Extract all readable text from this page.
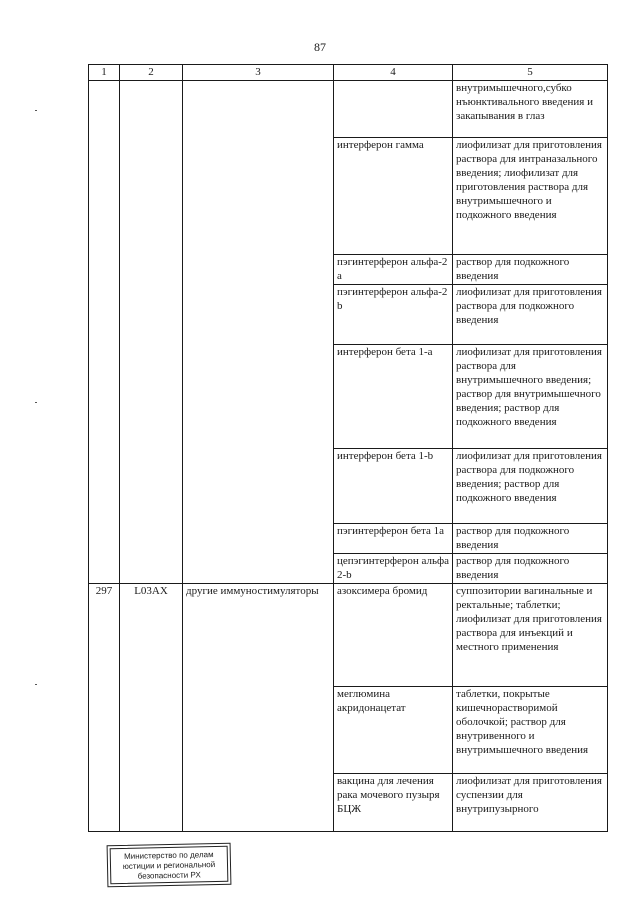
87
1	2	3	4	5
				внутримышечного,субко нъюнктивального введения и закапывания в глаз
			интерферон гамма	лиофилизат для приготовления раствора для интраназального введения; лиофилизат для приготовления раствора для внутримышечного и подкожного введения
			пэгинтерферон альфа-2 а	раствор для подкожного введения
			пэгинтерферон альфа-2 b	лиофилизат для приготовления раствора для подкожного введения
			интерферон бета 1-а	лиофилизат для приготовления раствора для внутримышечного введения; раствор для внутримышечного введения; раствор для подкожного введения
			интерферон бета 1-b	лиофилизат для приготовления раствора для подкожного введения; раствор для подкожного введения
			пэгинтерферон бета 1а	раствор для подкожного введения
			цепэгинтерферон альфа 2-b	раствор для подкожного введения
297	L03AX	другие иммуностимуляторы	азоксимера бромид	суппозитории вагинальные и ректальные; таблетки; лиофилизат для приготовления раствора для инъекций и местного применения
			меглюмина акридонацетат	таблетки, покрытые кишечнорастворимой оболочкой; раствор для внутривенного и внутримышечного введения
			вакцина для лечения рака мочевого пузыря БЦЖ	лиофилизат для приготовления суспензии для внутрипузырного
Министерство по делам
юстиции и региональной
безопасности РХ
